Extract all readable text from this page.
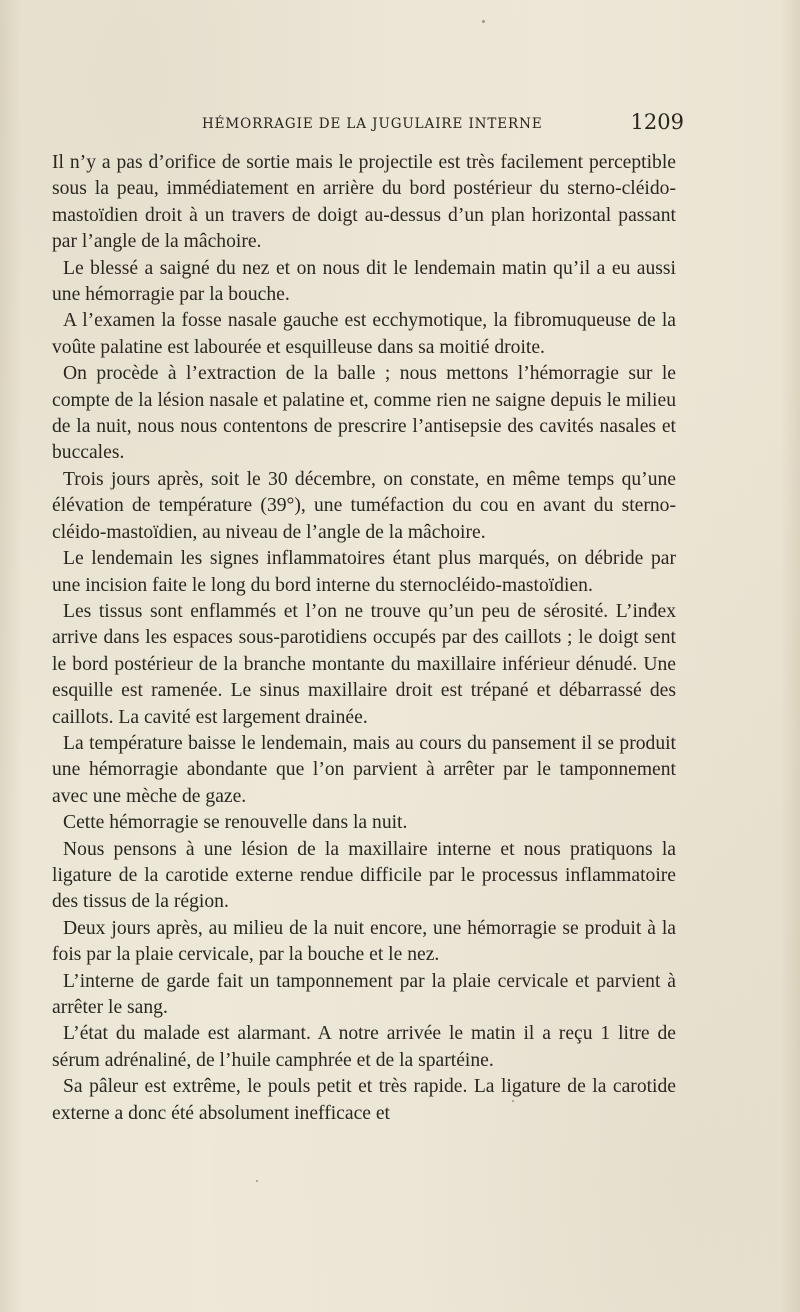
HÉMORRAGIE DE LA JUGULAIRE INTERNE	1209

Il n’y a pas d’orifice de sortie mais le projectile est très facilement perceptible sous la peau, immédiatement en arrière du bord postérieur du sterno-cléido-mastoïdien droit à un travers de doigt au-dessus d’un plan horizontal passant par l’angle de la mâchoire.

Le blessé a saigné du nez et on nous dit le lendemain matin qu’il a eu aussi une hémorragie par la bouche.

A l’examen la fosse nasale gauche est ecchymotique, la fibromuqueuse de la voûte palatine est labourée et esquilleuse dans sa moitié droite.

On procède à l’extraction de la balle ; nous mettons l’hémorragie sur le compte de la lésion nasale et palatine et, comme rien ne saigne depuis le milieu de la nuit, nous nous contentons de prescrire l’antisepsie des cavités nasales et buccales.

Trois jours après, soit le 30 décembre, on constate, en même temps qu’une élévation de température (39°), une tuméfaction du cou en avant du sterno-cléido-mastoïdien, au niveau de l’angle de la mâchoire.

Le lendemain les signes inflammatoires étant plus marqués, on débride par une incision faite le long du bord interne du sternocléido-mastoïdien.

Les tissus sont enflammés et l’on ne trouve qu’un peu de sérosité. L’index arrive dans les espaces sous-parotidiens occupés par des caillots ; le doigt sent le bord postérieur de la branche montante du maxillaire inférieur dénudé. Une esquille est ramenée. Le sinus maxillaire droit est trépané et débarrassé des caillots. La cavité est largement drainée.

La température baisse le lendemain, mais au cours du pansement il se produit une hémorragie abondante que l’on parvient à arrêter par le tamponnement avec une mèche de gaze.

Cette hémorragie se renouvelle dans la nuit.

Nous pensons à une lésion de la maxillaire interne et nous pratiquons la ligature de la carotide externe rendue difficile par le processus inflammatoire des tissus de la région.

Deux jours après, au milieu de la nuit encore, une hémorragie se produit à la fois par la plaie cervicale, par la bouche et le nez.

L’interne de garde fait un tamponnement par la plaie cervicale et parvient à arrêter le sang.

L’état du malade est alarmant. A notre arrivée le matin il a reçu 1 litre de sérum adrénaliné, de l’huile camphrée et de la spartéine.

Sa pâleur est extrême, le pouls petit et très rapide. La ligature de la carotide externe a donc été absolument inefficace et
